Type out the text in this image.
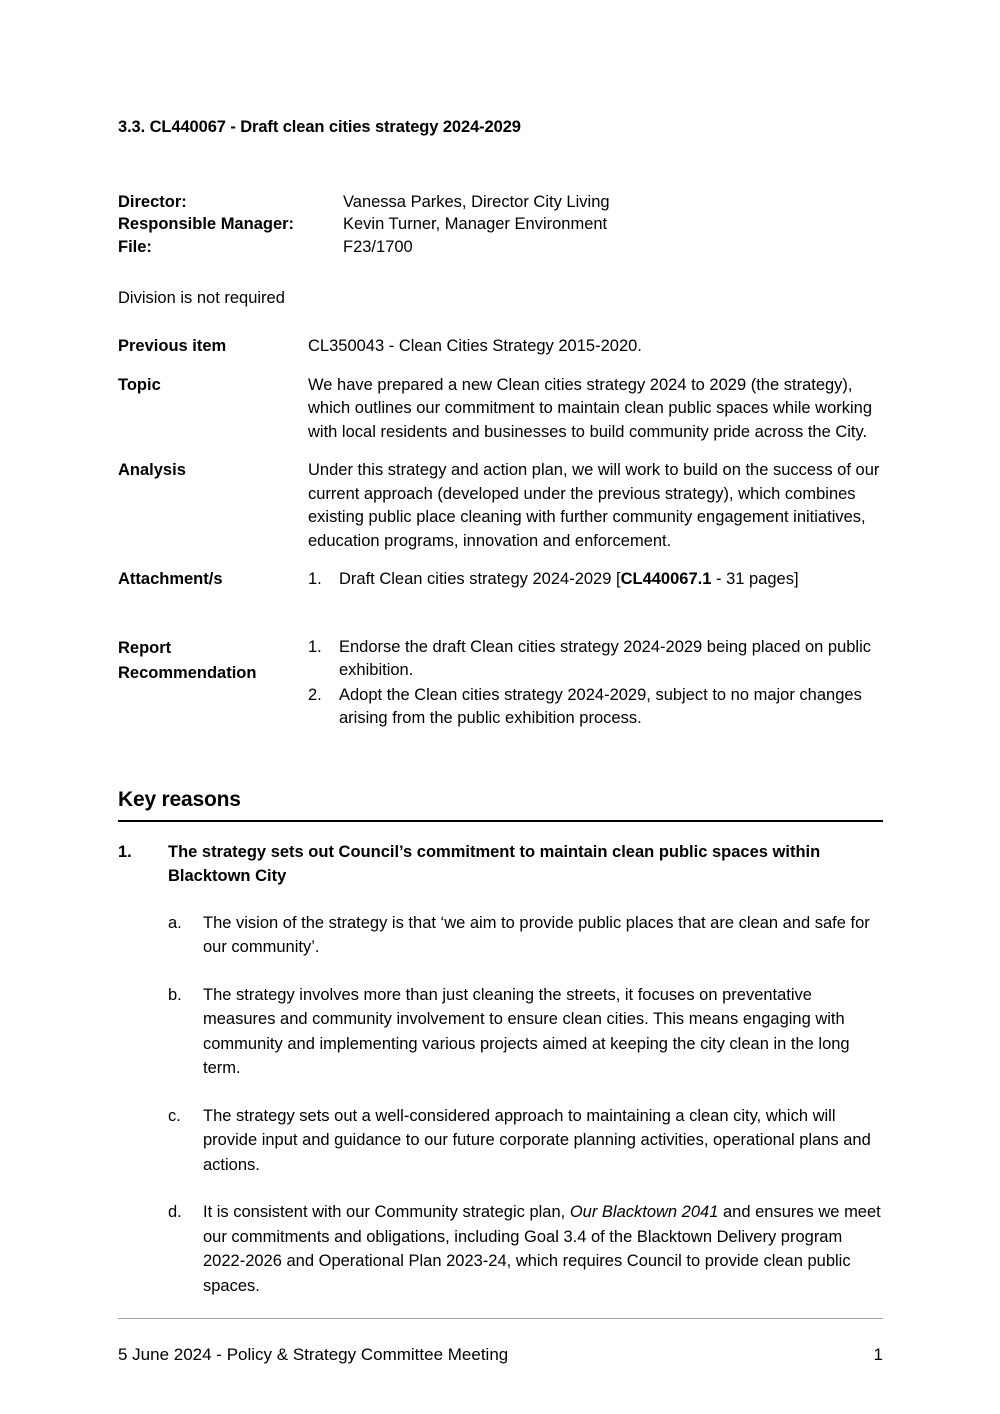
3.3. CL440067 - Draft clean cities strategy 2024-2029
Director:	Vanessa Parkes, Director City Living
Responsible Manager:	Kevin Turner, Manager Environment
File:	F23/1700
Division is not required
Previous item	CL350043 - Clean Cities Strategy 2015-2020.
Topic	We have prepared a new Clean cities strategy 2024 to 2029 (the strategy), which outlines our commitment to maintain clean public spaces while working with local residents and businesses to build community pride across the City.
Analysis	Under this strategy and action plan, we will work to build on the success of our current approach (developed under the previous strategy), which combines existing public place cleaning with further community engagement initiatives, education programs, innovation and enforcement.
Attachment/s	1.	Draft Clean cities strategy 2024-2029 [CL440067.1 - 31 pages]
Report
Recommendation
1.	Endorse the draft Clean cities strategy 2024-2029 being placed on public exhibition.
2.	Adopt the Clean cities strategy 2024-2029, subject to no major changes arising from the public exhibition process.
Key reasons
1.	The strategy sets out Council’s commitment to maintain clean public spaces within Blacktown City
a.	The vision of the strategy is that ‘we aim to provide public places that are clean and safe for our community’.
b.	The strategy involves more than just cleaning the streets, it focuses on preventative measures and community involvement to ensure clean cities. This means engaging with community and implementing various projects aimed at keeping the city clean in the long term.
c.	The strategy sets out a well-considered approach to maintaining a clean city, which will provide input and guidance to our future corporate planning activities, operational plans and actions.
d.	It is consistent with our Community strategic plan, Our Blacktown 2041 and ensures we meet our commitments and obligations, including Goal 3.4 of the Blacktown Delivery program 2022-2026 and Operational Plan 2023-24, which requires Council to provide clean public spaces.
5 June 2024 - Policy & Strategy Committee Meeting	1
